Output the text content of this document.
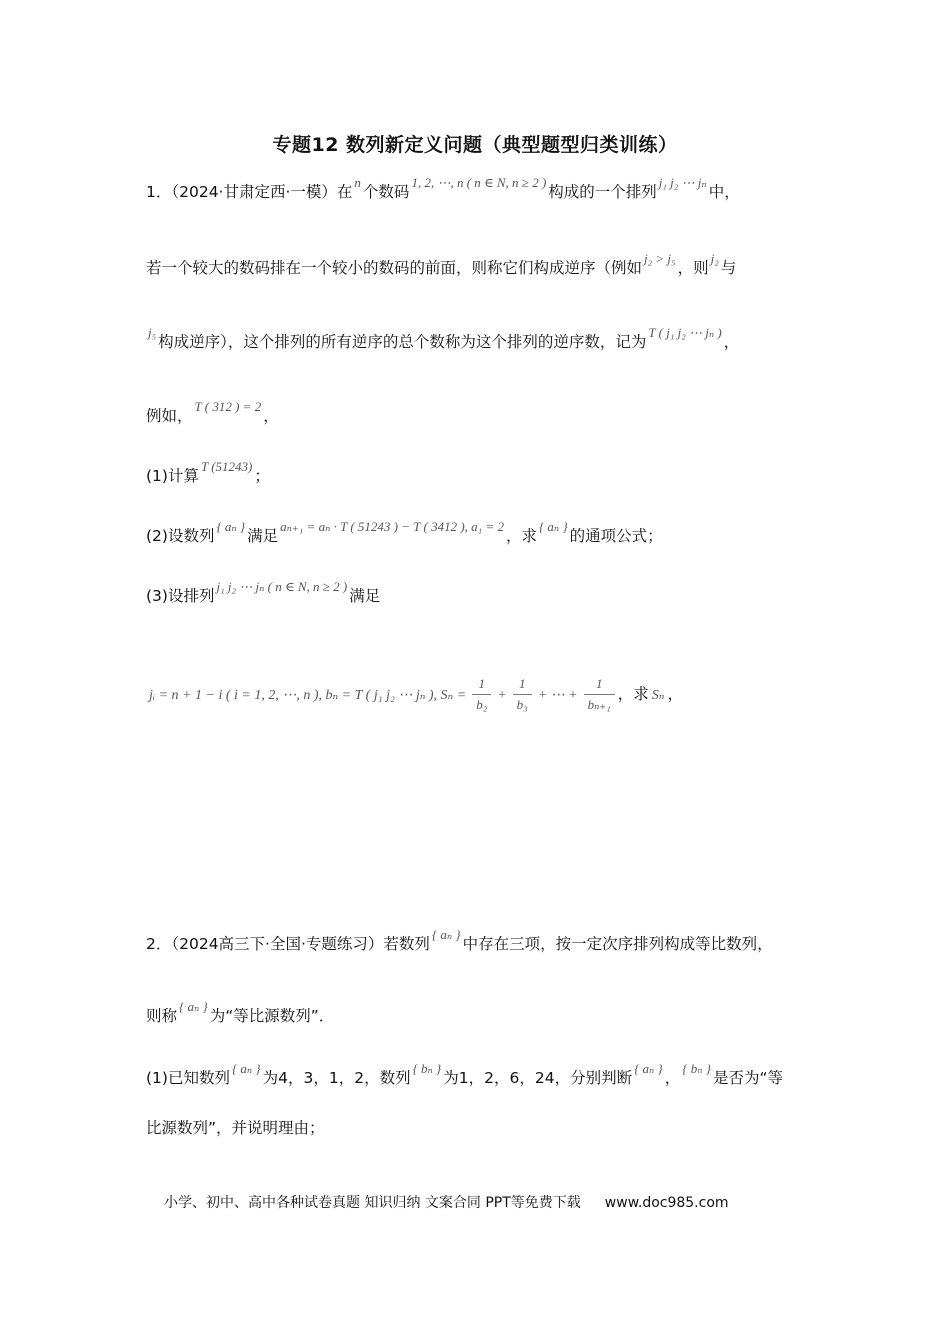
专题12 数列新定义问题（典型题型归类训练）
1．（2024·甘肃定西·一模）在$^n$个数码$^{1, 2, \cdots, n ( n \in N, n \ge 2 )}$构成的一个排列$^{j_1 j_2 \cdots j_n}$中，
若一个较大的数码排在一个较小的数码的前面，则称它们构成逆序（例如$^{j_2 > j_5}$，则$^{j_2}$与
$^{j_5}$构成逆序），这个排列的所有逆序的总个数称为这个排列的逆序数，记为$^{T ( j_1 j_2 \cdots j_n )}$，
例如，$^{T ( 312 ) = 2}$，
(1)计算$^{T (51243)}$；
(2)设数列$^{\{ a_n \}}$满足$^{a_{n+1} = a_n \cdot T ( 51243 ) - T ( 3412 ), a_1 = 2}$，求$^{\{ a_n \}}$的通项公式；
(3)设排列$^{j_1 j_2 \cdots j_n ( n \in N, n \ge 2 )}$满足
jᵢ = n + 1 − i ( i = 1, 2, ⋯, n ), bₙ = T ( j₁ j₂ ⋯ jₙ ), $S_n = \frac{1}{\text{b₂}} + \frac{1}{\text{b₃}}$ + ⋯ + $\frac{1}{\text{bₙ₊₁}}$ ，求 Sₙ ，
2．（2024高三下·全国·专题练习）若数列$^{\{ a_n \}}$中存在三项，按一定次序排列构成等比数列，
则称$^{\{ a_n \}}$为“等比源数列”．
(1)已知数列$^{\{ a_n \}}$为4，3，1，2，数列$^{\{ b_n \}}$为1，2，6，24，分别判断$^{\{ a_n \}}$，$^{\{ b_n \}}$是否为“等
比源数列”，并说明理由；
小学、初中、高中各种试卷真题 知识归纳 文案合同 PPT等免费下载 www.doc985.com
